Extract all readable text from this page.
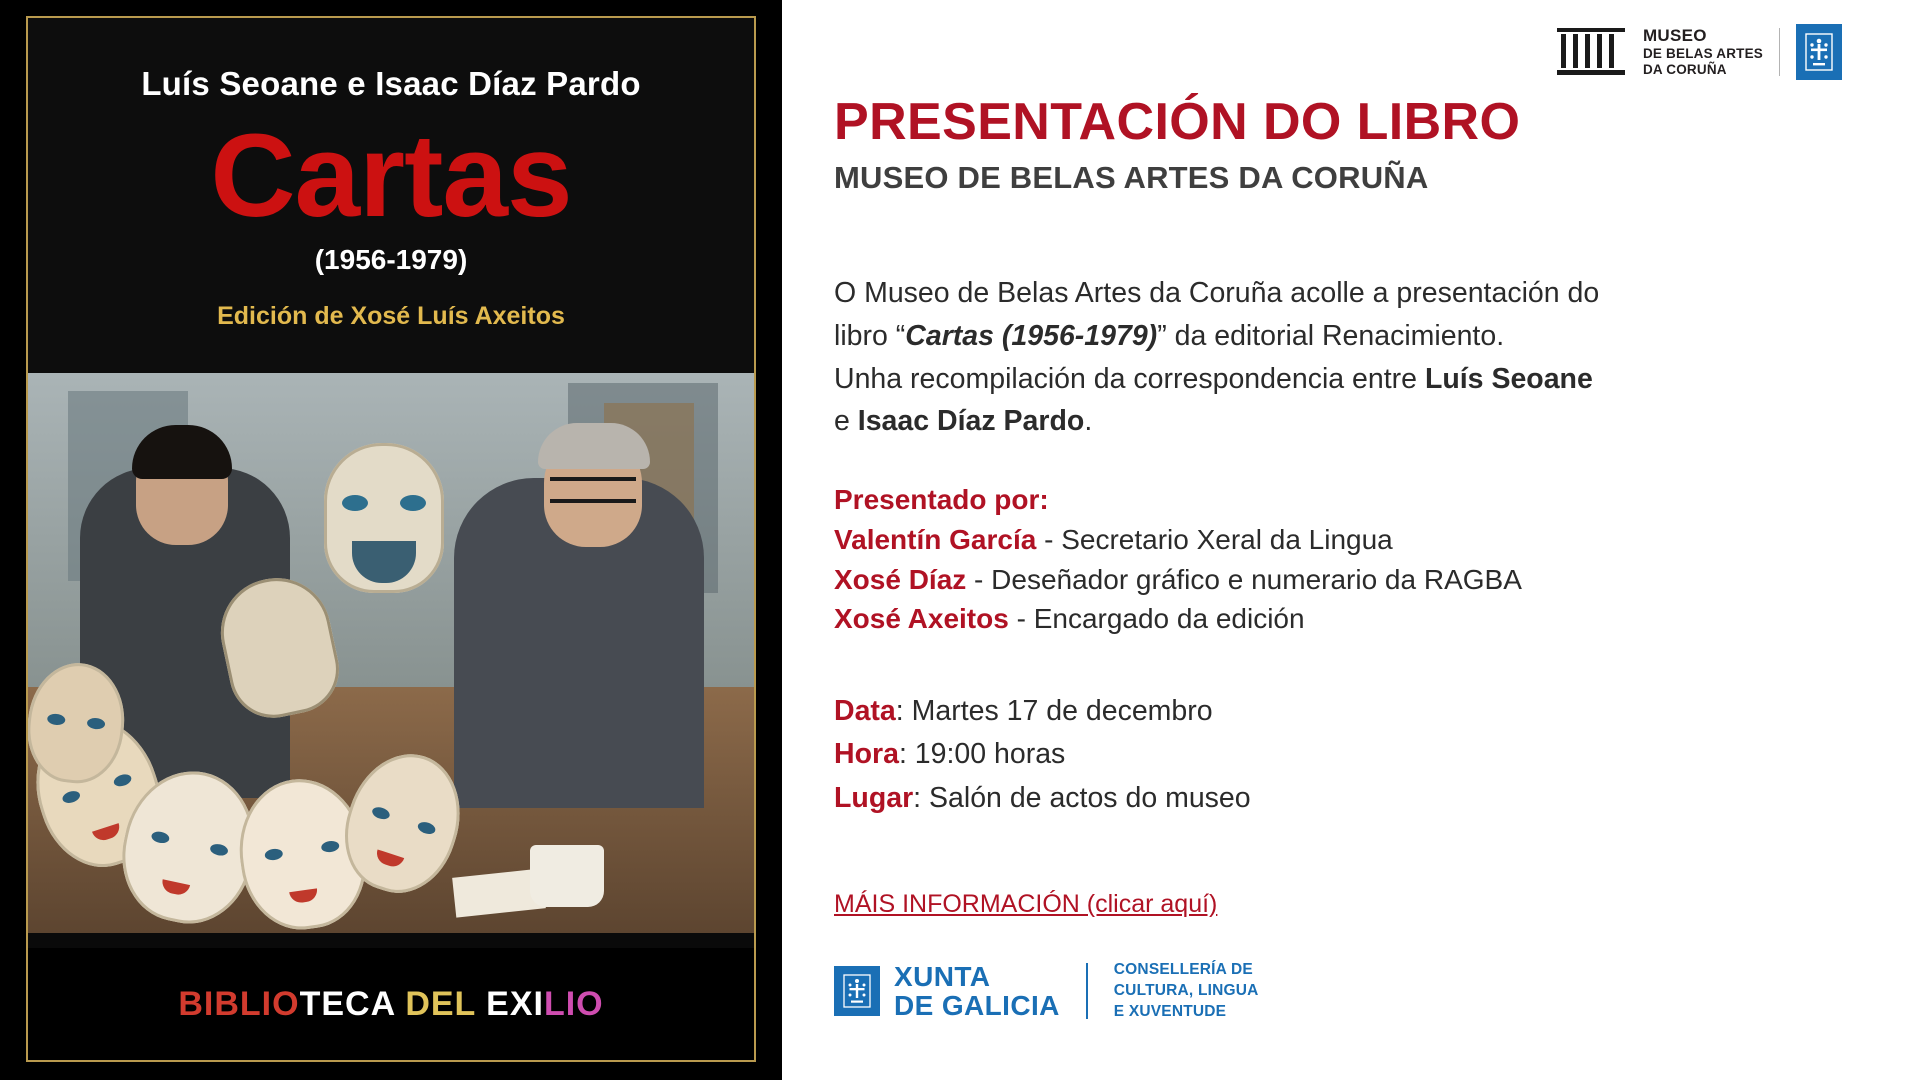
Luís Seoane e Isaac Díaz Pardo
Cartas
(1956-1979)
Edición de Xosé Luís Axeitos
BIBLIOTECA DEL EXILIO
MUSEO
DE BELAS ARTES
DA CORUÑA
PRESENTACIÓN DO LIBRO
MUSEO DE BELAS ARTES DA CORUÑA

O Museo de Belas Artes da Coruña acolle a presentación do

libro “Cartas (1956-1979)” da editorial Renacimiento.

Unha recompilación da correspondencia entre Luís Seoane

e Isaac Díaz Pardo.

Presentado por:
Valentín García - Secretario Xeral da Lingua
Xosé Díaz - Deseñador gráfico e numerario da RAGBA
Xosé Axeitos - Encargado da edición
Data: Martes 17 de decembro
Hora: 19:00 horas
Lugar: Salón de actos do museo
MÁIS INFORMACIÓN (clicar aquí)
XUNTA
DE GALICIA
CONSELLERÍA DE
CULTURA, LINGUA
E XUVENTUDE
